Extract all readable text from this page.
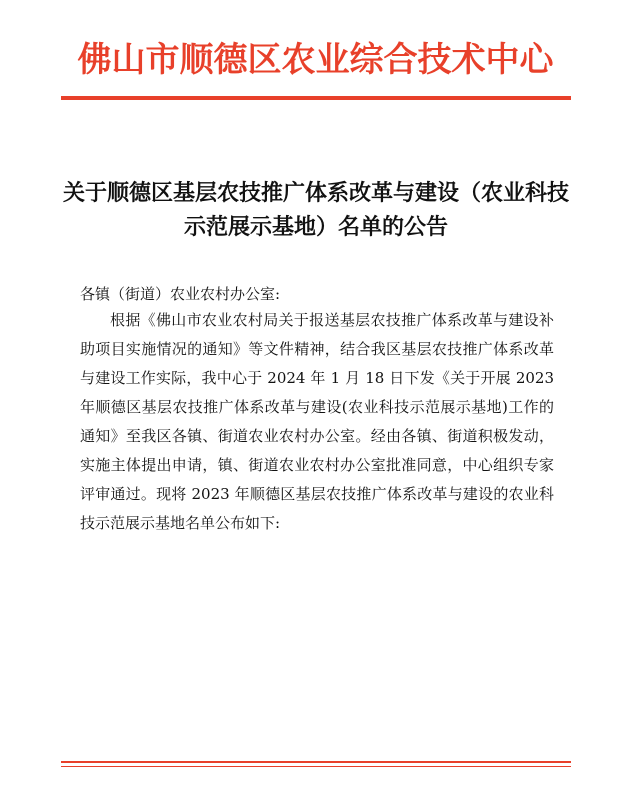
佛山市顺德区农业综合技术中心
关于顺德区基层农技推广体系改革与建设（农业科技示范展示基地）名单的公告
各镇（街道）农业农村办公室:
根据《佛山市农业农村局关于报送基层农技推广体系改革与建设补助项目实施情况的通知》等文件精神，结合我区基层农技推广体系改革与建设工作实际，我中心于 2024 年 1 月 18 日下发《关于开展 2023 年顺德区基层农技推广体系改革与建设(农业科技示范展示基地)工作的通知》至我区各镇、街道农业农村办公室。经由各镇、街道积极发动，实施主体提出申请，镇、街道农业农村办公室批准同意，中心组织专家评审通过。现将 2023 年顺德区基层农技推广体系改革与建设的农业科技示范展示基地名单公布如下:
